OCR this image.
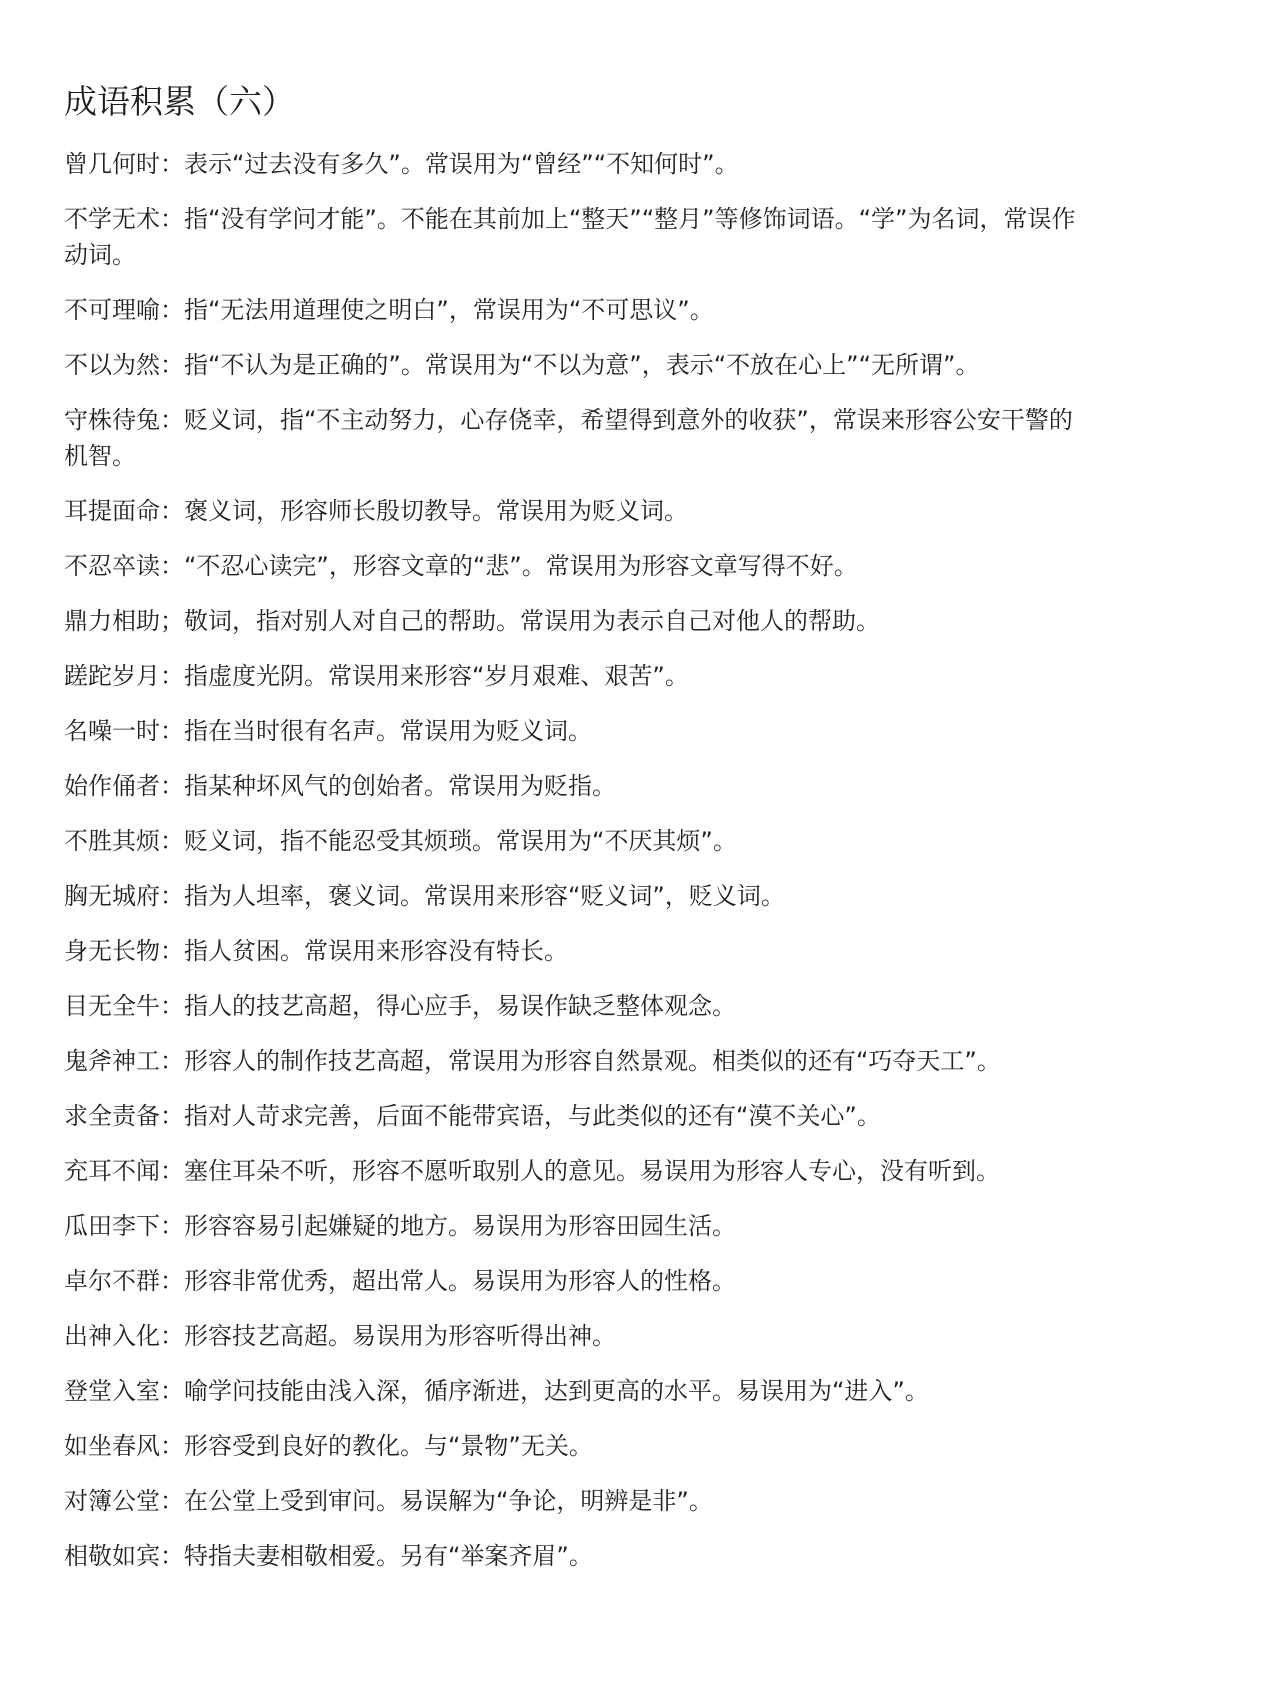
成语积累（六）

曾几何时：表示“过去没有多久”。常误用为“曾经”“不知何时”。

不学无术：指“没有学问才能”。不能在其前加上“整天”“整月”等修饰词语。“学”为名词，常误作动词。

不可理喻：指“无法用道理使之明白”，常误用为“不可思议”。

不以为然：指“不认为是正确的”。常误用为“不以为意”，表示“不放在心上”“无所谓”。

守株待兔：贬义词，指“不主动努力，心存侥幸，希望得到意外的收获”，常误来形容公安干警的机智。

耳提面命：褒义词，形容师长殷切教导。常误用为贬义词。

不忍卒读：“不忍心读完”，形容文章的“悲”。常误用为形容文章写得不好。

鼎力相助；敬词，指对别人对自己的帮助。常误用为表示自己对他人的帮助。

蹉跎岁月：指虚度光阴。常误用来形容“岁月艰难、艰苦”。

名噪一时：指在当时很有名声。常误用为贬义词。

始作俑者：指某种坏风气的创始者。常误用为贬指。

不胜其烦：贬义词，指不能忍受其烦琐。常误用为“不厌其烦”。

胸无城府：指为人坦率，褒义词。常误用来形容“贬义词”，贬义词。

身无长物：指人贫困。常误用来形容没有特长。

目无全牛：指人的技艺高超，得心应手，易误作缺乏整体观念。

鬼斧神工：形容人的制作技艺高超，常误用为形容自然景观。相类似的还有“巧夺天工”。

求全责备：指对人苛求完善，后面不能带宾语，与此类似的还有“漠不关心”。

充耳不闻：塞住耳朵不听，形容不愿听取别人的意见。易误用为形容人专心，没有听到。

瓜田李下：形容容易引起嫌疑的地方。易误用为形容田园生活。

卓尔不群：形容非常优秀，超出常人。易误用为形容人的性格。

出神入化：形容技艺高超。易误用为形容听得出神。

登堂入室：喻学问技能由浅入深，循序渐进，达到更高的水平。易误用为“进入”。

如坐春风：形容受到良好的教化。与“景物”无关。

对簿公堂：在公堂上受到审问。易误解为“争论，明辨是非”。

相敬如宾：特指夫妻相敬相爱。另有“举案齐眉”。
